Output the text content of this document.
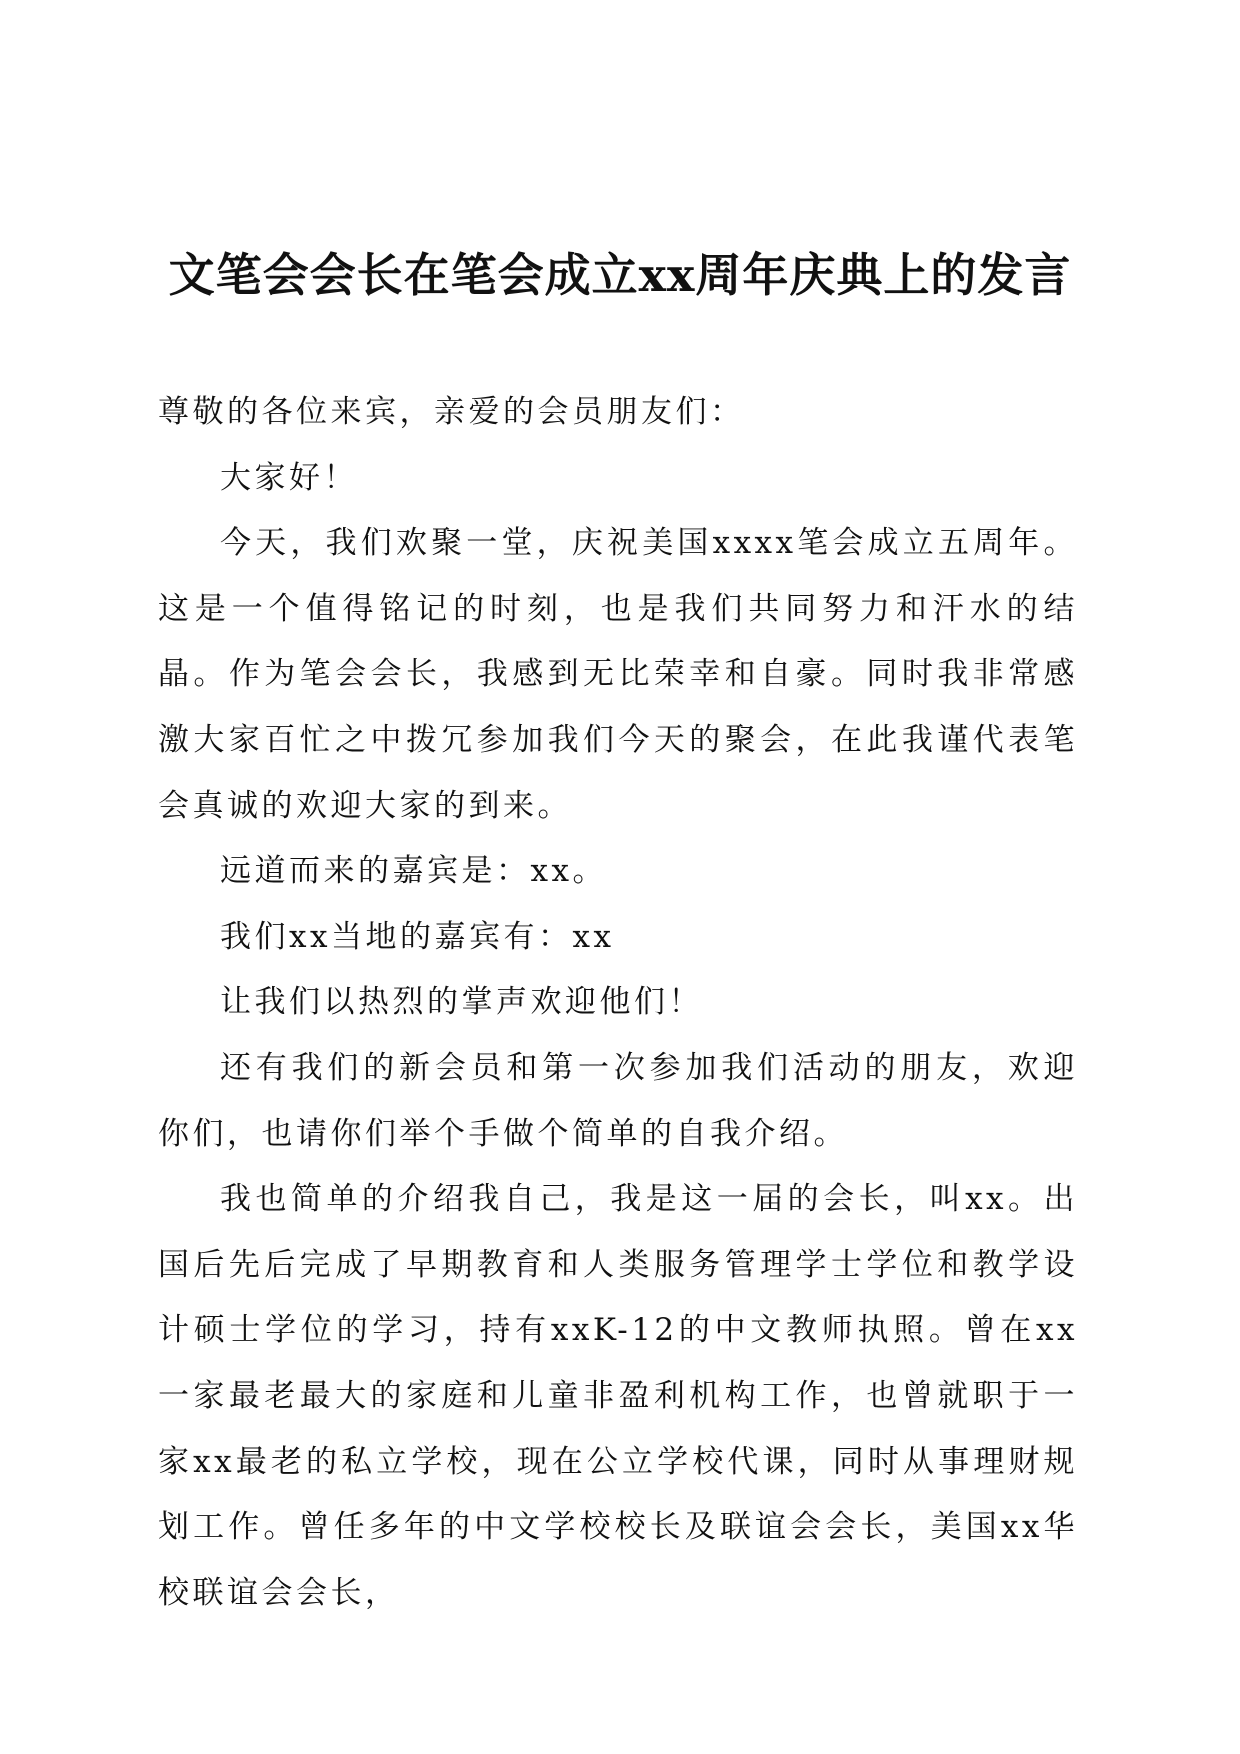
文笔会会长在笔会成立xx周年庆典上的发言

尊敬的各位来宾，亲爱的会员朋友们：

大家好！

今天，我们欢聚一堂，庆祝美国xxxx笔会成立五周年。这是一个值得铭记的时刻，也是我们共同努力和汗水的结晶。作为笔会会长，我感到无比荣幸和自豪。同时我非常感激大家百忙之中拨冗参加我们今天的聚会，在此我谨代表笔会真诚的欢迎大家的到来。

远道而来的嘉宾是：xx。

我们xx当地的嘉宾有：xx

让我们以热烈的掌声欢迎他们！

还有我们的新会员和第一次参加我们活动的朋友，欢迎你们，也请你们举个手做个简单的自我介绍。

我也简单的介绍我自己，我是这一届的会长，叫xx。出国后先后完成了早期教育和人类服务管理学士学位和教学设计硕士学位的学习，持有xxK-12的中文教师执照。曾在xx一家最老最大的家庭和儿童非盈利机构工作，也曾就职于一家xx最老的私立学校，现在公立学校代课，同时从事理财规划工作。曾任多年的中文学校校长及联谊会会长，美国xx华校联谊会会长，
